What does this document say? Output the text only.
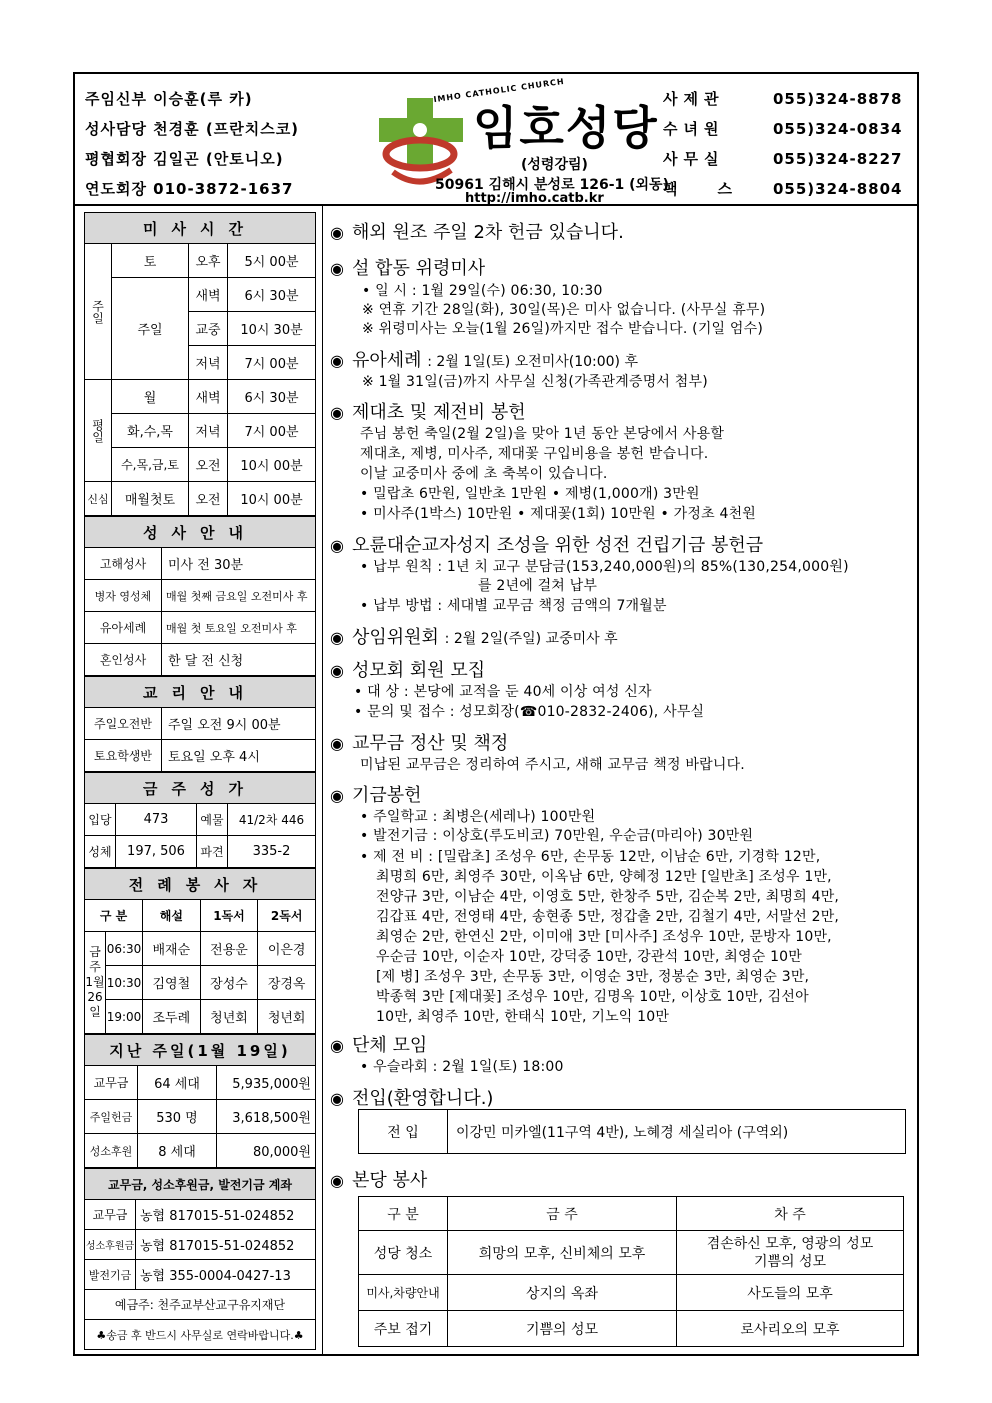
주임신부 이승훈(루 카)
성사담당 천경훈 (프란치스코)
평협회장 김일곤 (안토니오)
연도회장 010-3872-1637
IMHO CATHOLIC CHURCH
임호성당
(성령강림)
50961 김해시 분성로 126-1 (외동)
http://imho.catb.kr
사제관	055)324-8878
수녀원	055)324-0834
사무실	055)324-8227
팩스 055)324-8804
미사시간			
주일	토	오후	5시 00분
	주일	새벽	6시 30분
		교중	10시 30분
		저녁	7시 00분
평일	월	새벽	6시 30분
	화,수,목	저녁	7시 00분
	수,목,금,토	오전	10시 00분
신심	매월첫토	오전	10시 00분
성사안내	
고해성사	미사 전 30분
병자 영성체	매월 첫째 금요일 오전미사 후
유아세례	매월 첫 토요일 오전미사 후
혼인성사	한 달 전 신청
교리안내	
주일오전반	주일 오전 9시 00분
토요학생반	토요일 오후 4시
금주성가			
입당	473	예물	41/2차 446
성체	197, 506	파견	335-2
전례봉사자				
구 분		해설	1독서	2독서
금주 1월 26일	06:30	배재순	전용운	이은경
	10:30	김영철	장성수	장경옥
	19:00	조두례	청년회	청년회
지난 주일(1월 19일)		
교무금	64 세대	5,935,000원
주일헌금	530 명	3,618,500원
성소후원	8 세대	80,000원
교무금, 성소후원금, 발전기금 계좌	
교무금	농협 817015-51-024852
성소후원금	농협 817015-51-024852
발전기금	농협 355-0004-0427-13
예금주: 천주교부산교구유지재단	
♣송금 후 반드시 사무실로 연락바랍니다.♣	
◉ 해외 원조 주일 2차 헌금 있습니다.
◉ 설 합동 위령미사
• 일 시 : 1월 29일(수) 06:30, 10:30
※ 연휴 기간 28일(화), 30일(목)은 미사 없습니다. (사무실 휴무)
※ 위령미사는 오늘(1월 26일)까지만 접수 받습니다. (기일 엄수)
◉ 유아세례 : 2월 1일(토) 오전미사(10:00) 후
※ 1월 31일(금)까지 사무실 신청(가족관계증명서 첨부)
◉ 제대초 및 제전비 봉헌
주님 봉헌 축일(2월 2일)을 맞아 1년 동안 본당에서 사용할
제대초, 제병, 미사주, 제대꽃 구입비용을 봉헌 받습니다.
이날 교중미사 중에 초 축복이 있습니다.
• 밀랍초 6만원, 일반초 1만원 • 제병(1,000개) 3만원
• 미사주(1박스) 10만원 • 제대꽃(1회) 10만원 • 가정초 4천원
◉ 오륜대순교자성지 조성을 위한 성전 건립기금 봉헌금
• 납부 원칙 : 1년 치 교구 분담금(153,240,000원)의 85%(130,254,000원)
를 2년에 걸쳐 납부
• 납부 방법 : 세대별 교무금 책정 금액의 7개월분
◉ 상임위원회 : 2월 2일(주일) 교중미사 후
◉ 성모회 회원 모집
• 대 상 : 본당에 교적을 둔 40세 이상 여성 신자
• 문의 및 접수 : 성모회장(☎010-2832-2406), 사무실
◉ 교무금 정산 및 책정
미납된 교무금은 정리하여 주시고, 새해 교무금 책정 바랍니다.
◉ 기금봉헌
• 주일학교 : 최병은(세레나) 100만원
• 발전기금 : 이상호(루도비코) 70만원, 우순금(마리아) 30만원
• 제 전 비 : [밀랍초] 조성우 6만, 손무동 12만, 이남순 6만, 기경학 12만,
최명희 6만, 최영주 30만, 이옥남 6만, 양혜정 12만 [일반초] 조성우 1만,
전양규 3만, 이남순 4만, 이영호 5만, 한창주 5만, 김순복 2만, 최명희 4만,
김갑표 4만, 전영태 4만, 송현종 5만, 정갑출 2만, 김철기 4만, 서말선 2만,
최영순 2만, 한연신 2만, 이미애 3만 [미사주] 조성우 10만, 문방자 10만,
우순금 10만, 이순자 10만, 강덕중 10만, 강관석 10만, 최영순 10만
[제 병] 조성우 3만, 손무동 3만, 이영순 3만, 정봉순 3만, 최영순 3만,
박종혁 3만 [제대꽃] 조성우 10만, 김명옥 10만, 이상호 10만, 김선아
10만, 최영주 10만, 한태식 10만, 기노익 10만
◉ 단체 모임
• 우슬라회 : 2월 1일(토) 18:00
◉ 전입(환영합니다.)
전 입	이강민 미카엘(11구역 4반), 노혜경 세실리아 (구역외)
◉ 본당 봉사
구 분	금 주	차 주
성당 청소	희망의 모후, 신비체의 모후	겸손하신 모후, 영광의 성모
기쁨의 성모

미사,차량안내	상지의 옥좌	사도들의 모후
주보 접기	기쁨의 성모	로사리오의 모후
